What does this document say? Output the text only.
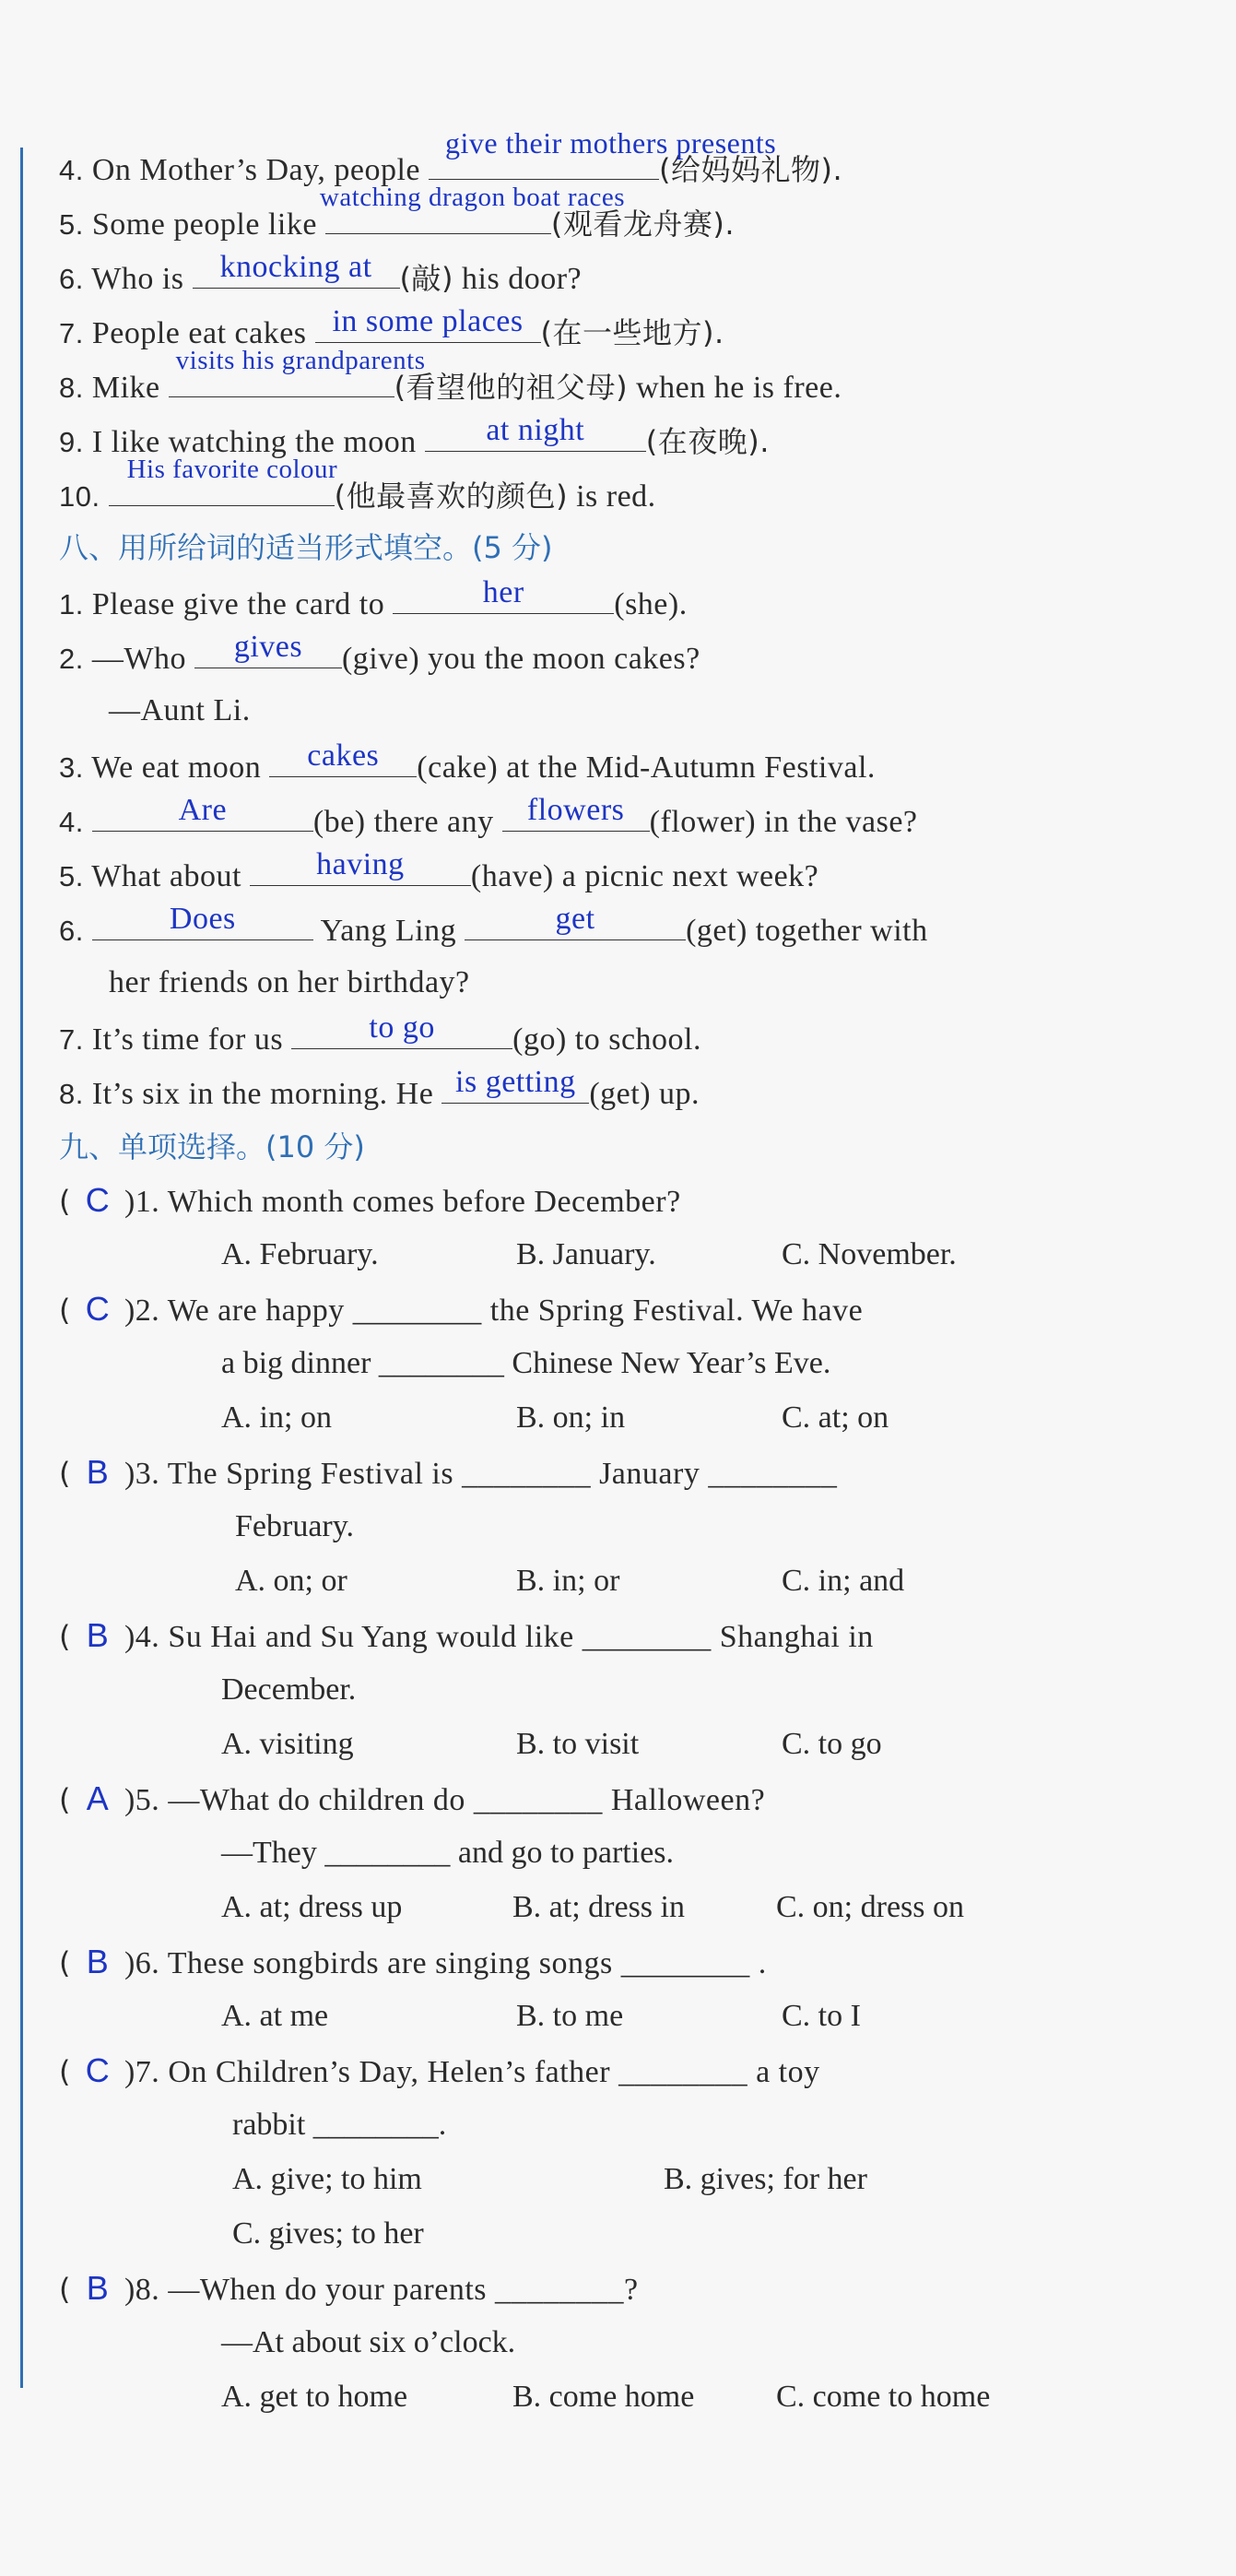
4. On Mother’s Day, people
give their mothers presents
(给妈妈礼物).
5. Some people like
watching dragon boat races
(观看龙舟赛).
6. Who is	knocking at (敲) his door?
7. People eat cakes in some places (在一些地方).
8. Mike
visits his grandparents
(看望他的祖父母) when he is free.
9. I like watching the moon	at night	(在夜晚).
10.
His favorite colour
(他最喜欢的颜色) is red.
八、用所给词的适当形式填空。(5 分)
1. Please give the card to	her	(she).
2. —Who	gives	(give) you the moon cakes?
—Aunt Li.
3. We eat moon	cakes	(cake) at the Mid-Autumn Festival.
4.	Are	(be) there any	flowers (flower) in the vase?
5. What about	having	(have) a picnic next week?
6.	Does	Yang Ling	get	(get) together with
her friends on her birthday?
7. It’s time for us	to go	(go) to school.
8. It’s six in the morning. He is getting (get) up.
九、单项选择。(10 分)
( C )1. Which month comes before December?
A. February.	B. January.	C. November.
( C )2. We are happy ________ the Spring Festival. We have
a big dinner ________ Chinese New Year’s Eve.
A. in; on	B. on; in	C. at; on
( B )3. The Spring Festival is ________ January ________
February.
A. on; or	B. in; or	C. in; and
( B )4. Su Hai and Su Yang would like ________ Shanghai in
December.
A. visiting	B. to visit	C. to go
( A )5. —What do children do ________ Halloween?
—They ________ and go to parties.
A. at; dress up	B. at; dress in	C. on; dress on
( B )6. These songbirds are singing songs ________ .
A. at me	B. to me	C. to I
( C )7. On Children’s Day, Helen’s father ________ a toy
rabbit ________.
A. give; to him	B. gives; for her
C. gives; to her
( B )8. —When do your parents ________?
—At about six o’clock.
A. get to home	B. come home	C. come to home
